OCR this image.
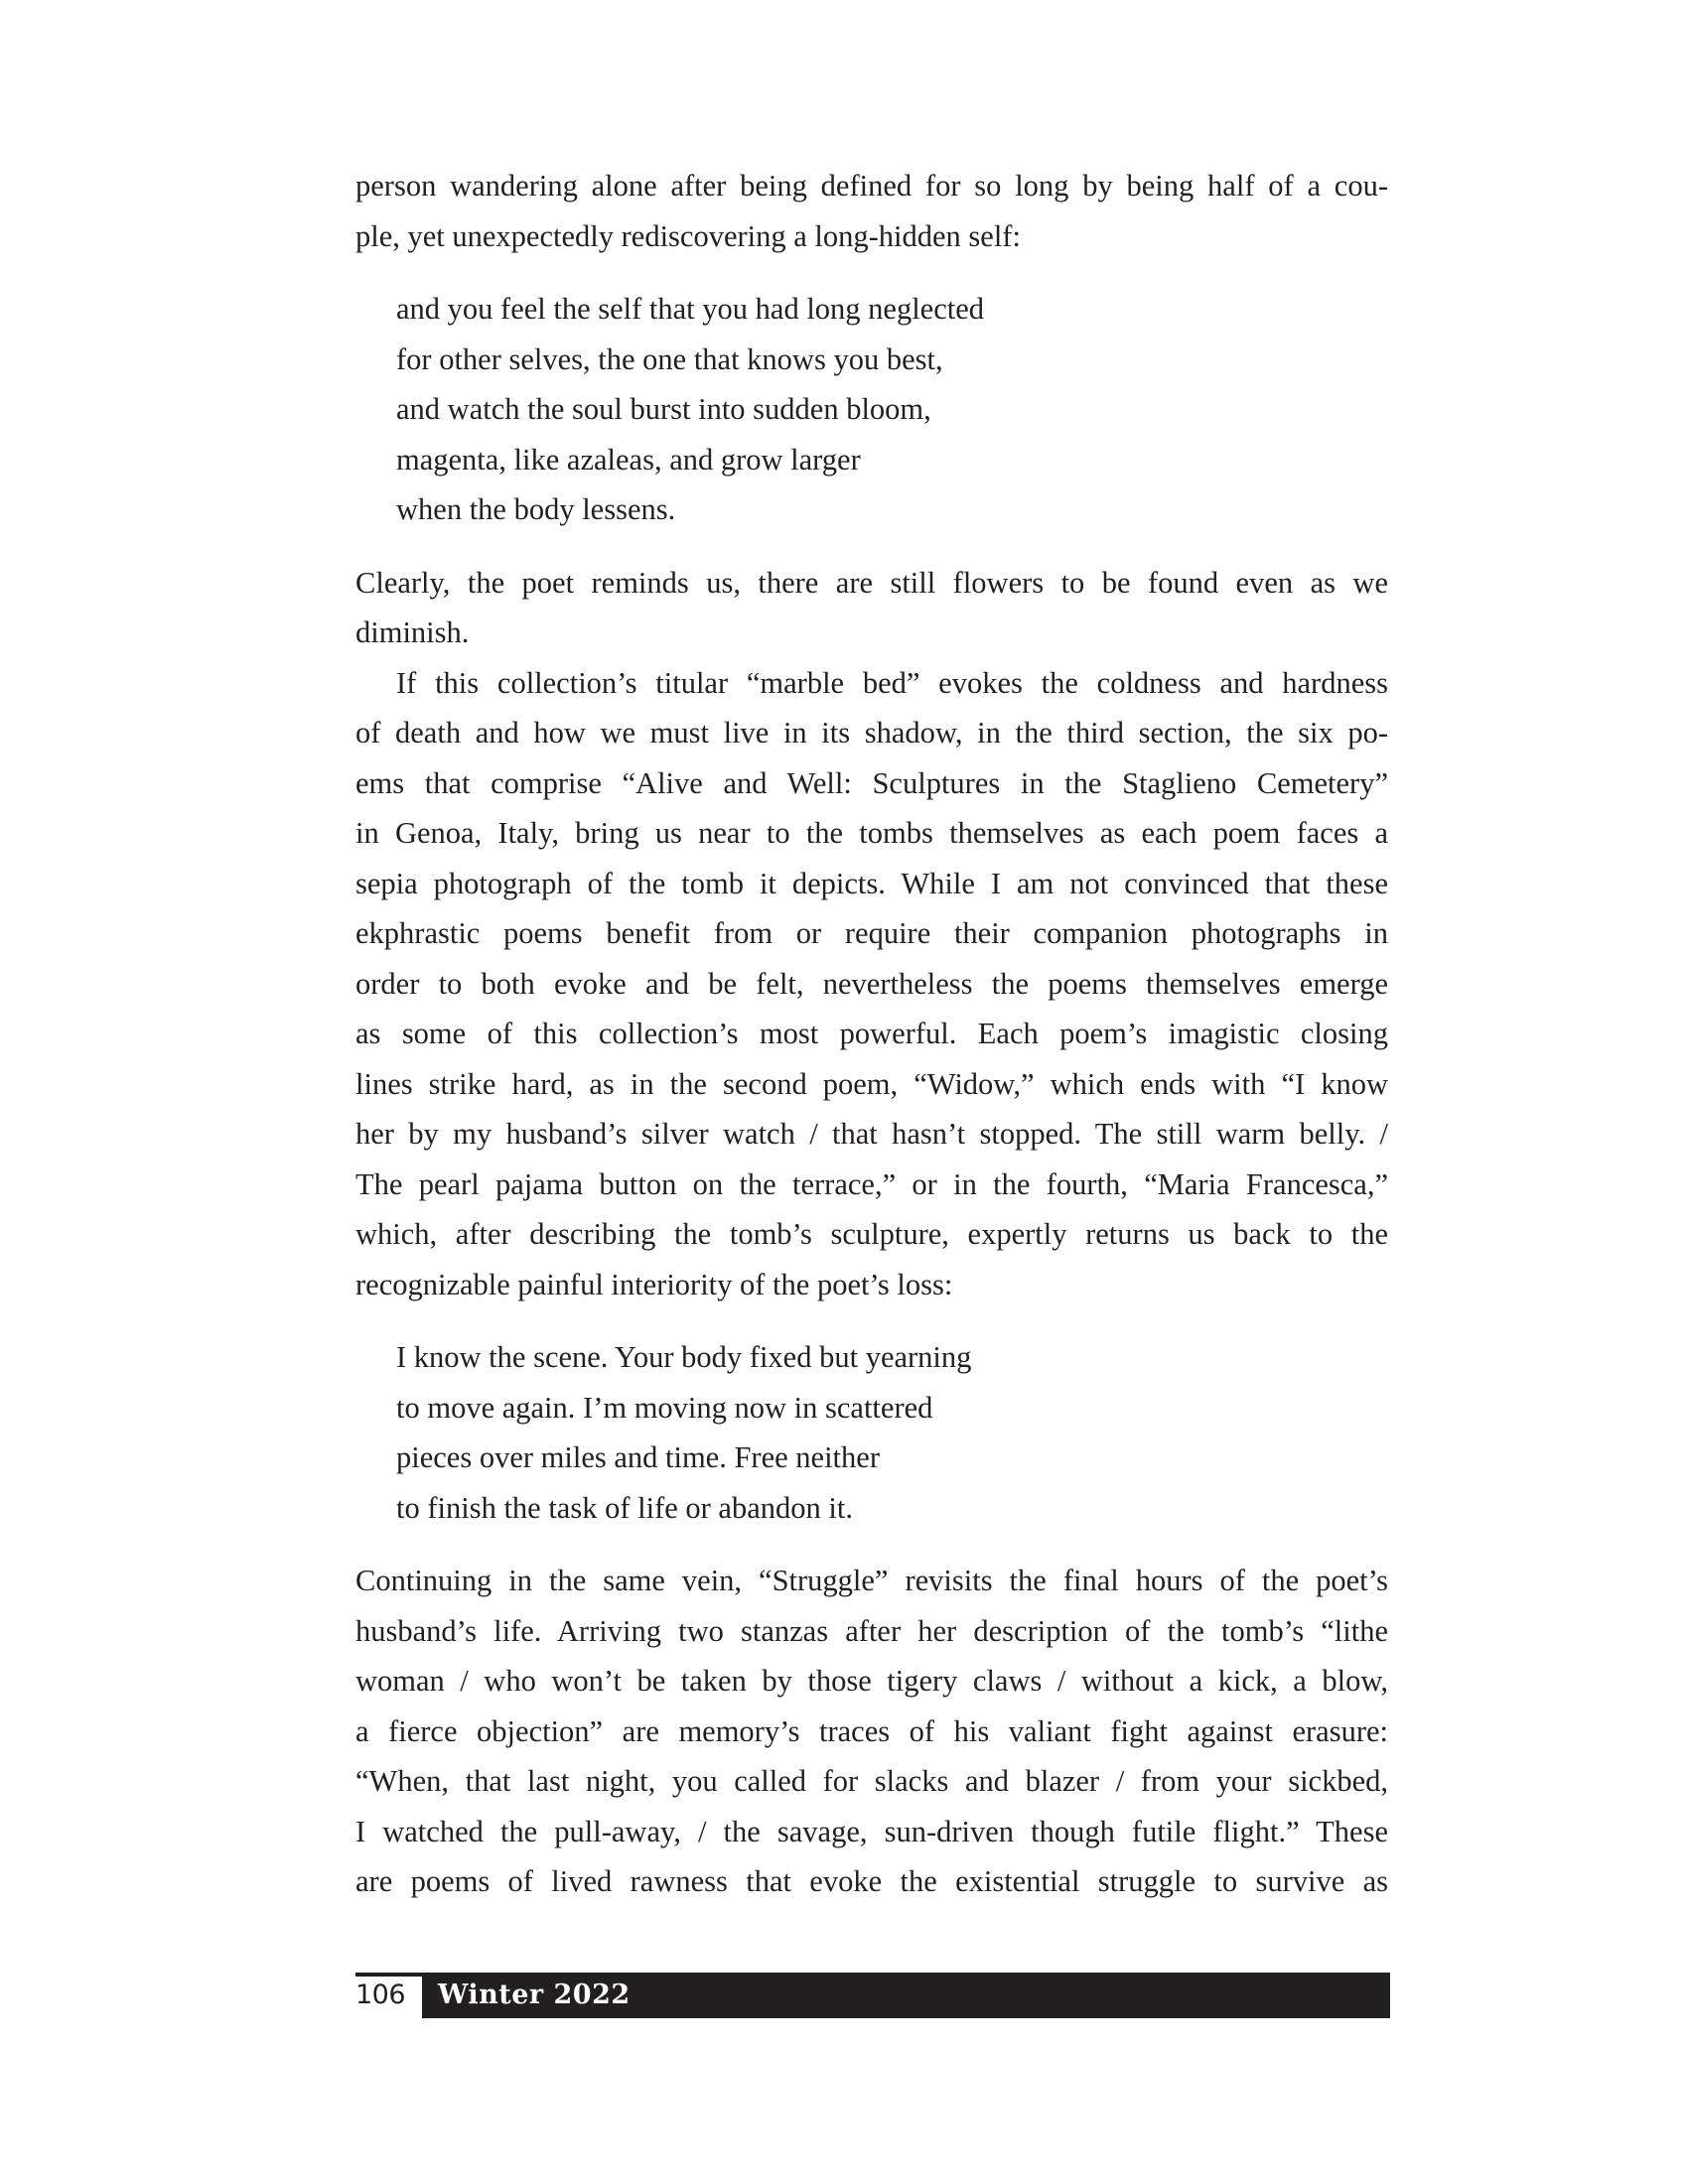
person wandering alone after being defined for so long by being half of a cou-
ple, yet unexpectedly rediscovering a long-hidden self:
and you feel the self that you had long neglected
for other selves, the one that knows you best,
and watch the soul burst into sudden bloom,
magenta, like azaleas, and grow larger
when the body lessens.
Clearly, the poet reminds us, there are still flowers to be found even as we
diminish.
If this collection’s titular “marble bed” evokes the coldness and hardness
of death and how we must live in its shadow, in the third section, the six po-
ems that comprise “Alive and Well: Sculptures in the Staglieno Cemetery”
in Genoa, Italy, bring us near to the tombs themselves as each poem faces a
sepia photograph of the tomb it depicts. While I am not convinced that these
ekphrastic poems benefit from or require their companion photographs in
order to both evoke and be felt, nevertheless the poems themselves emerge
as some of this collection’s most powerful. Each poem’s imagistic closing
lines strike hard, as in the second poem, “Widow,” which ends with “I know
her by my husband’s silver watch / that hasn’t stopped. The still warm belly. /
The pearl pajama button on the terrace,” or in the fourth, “Maria Francesca,”
which, after describing the tomb’s sculpture, expertly returns us back to the
recognizable painful interiority of the poet’s loss:
I know the scene. Your body fixed but yearning
to move again. I’m moving now in scattered
pieces over miles and time. Free neither
to finish the task of life or abandon it.
Continuing in the same vein, “Struggle” revisits the final hours of the poet’s
husband’s life. Arriving two stanzas after her description of the tomb’s “lithe
woman / who won’t be taken by those tigery claws / without a kick, a blow,
a fierce objection” are memory’s traces of his valiant fight against erasure:
“When, that last night, you called for slacks and blazer / from your sickbed,
I watched the pull-away, / the savage, sun-driven though futile flight.” These
are poems of lived rawness that evoke the existential struggle to survive as
106	Winter 2022
